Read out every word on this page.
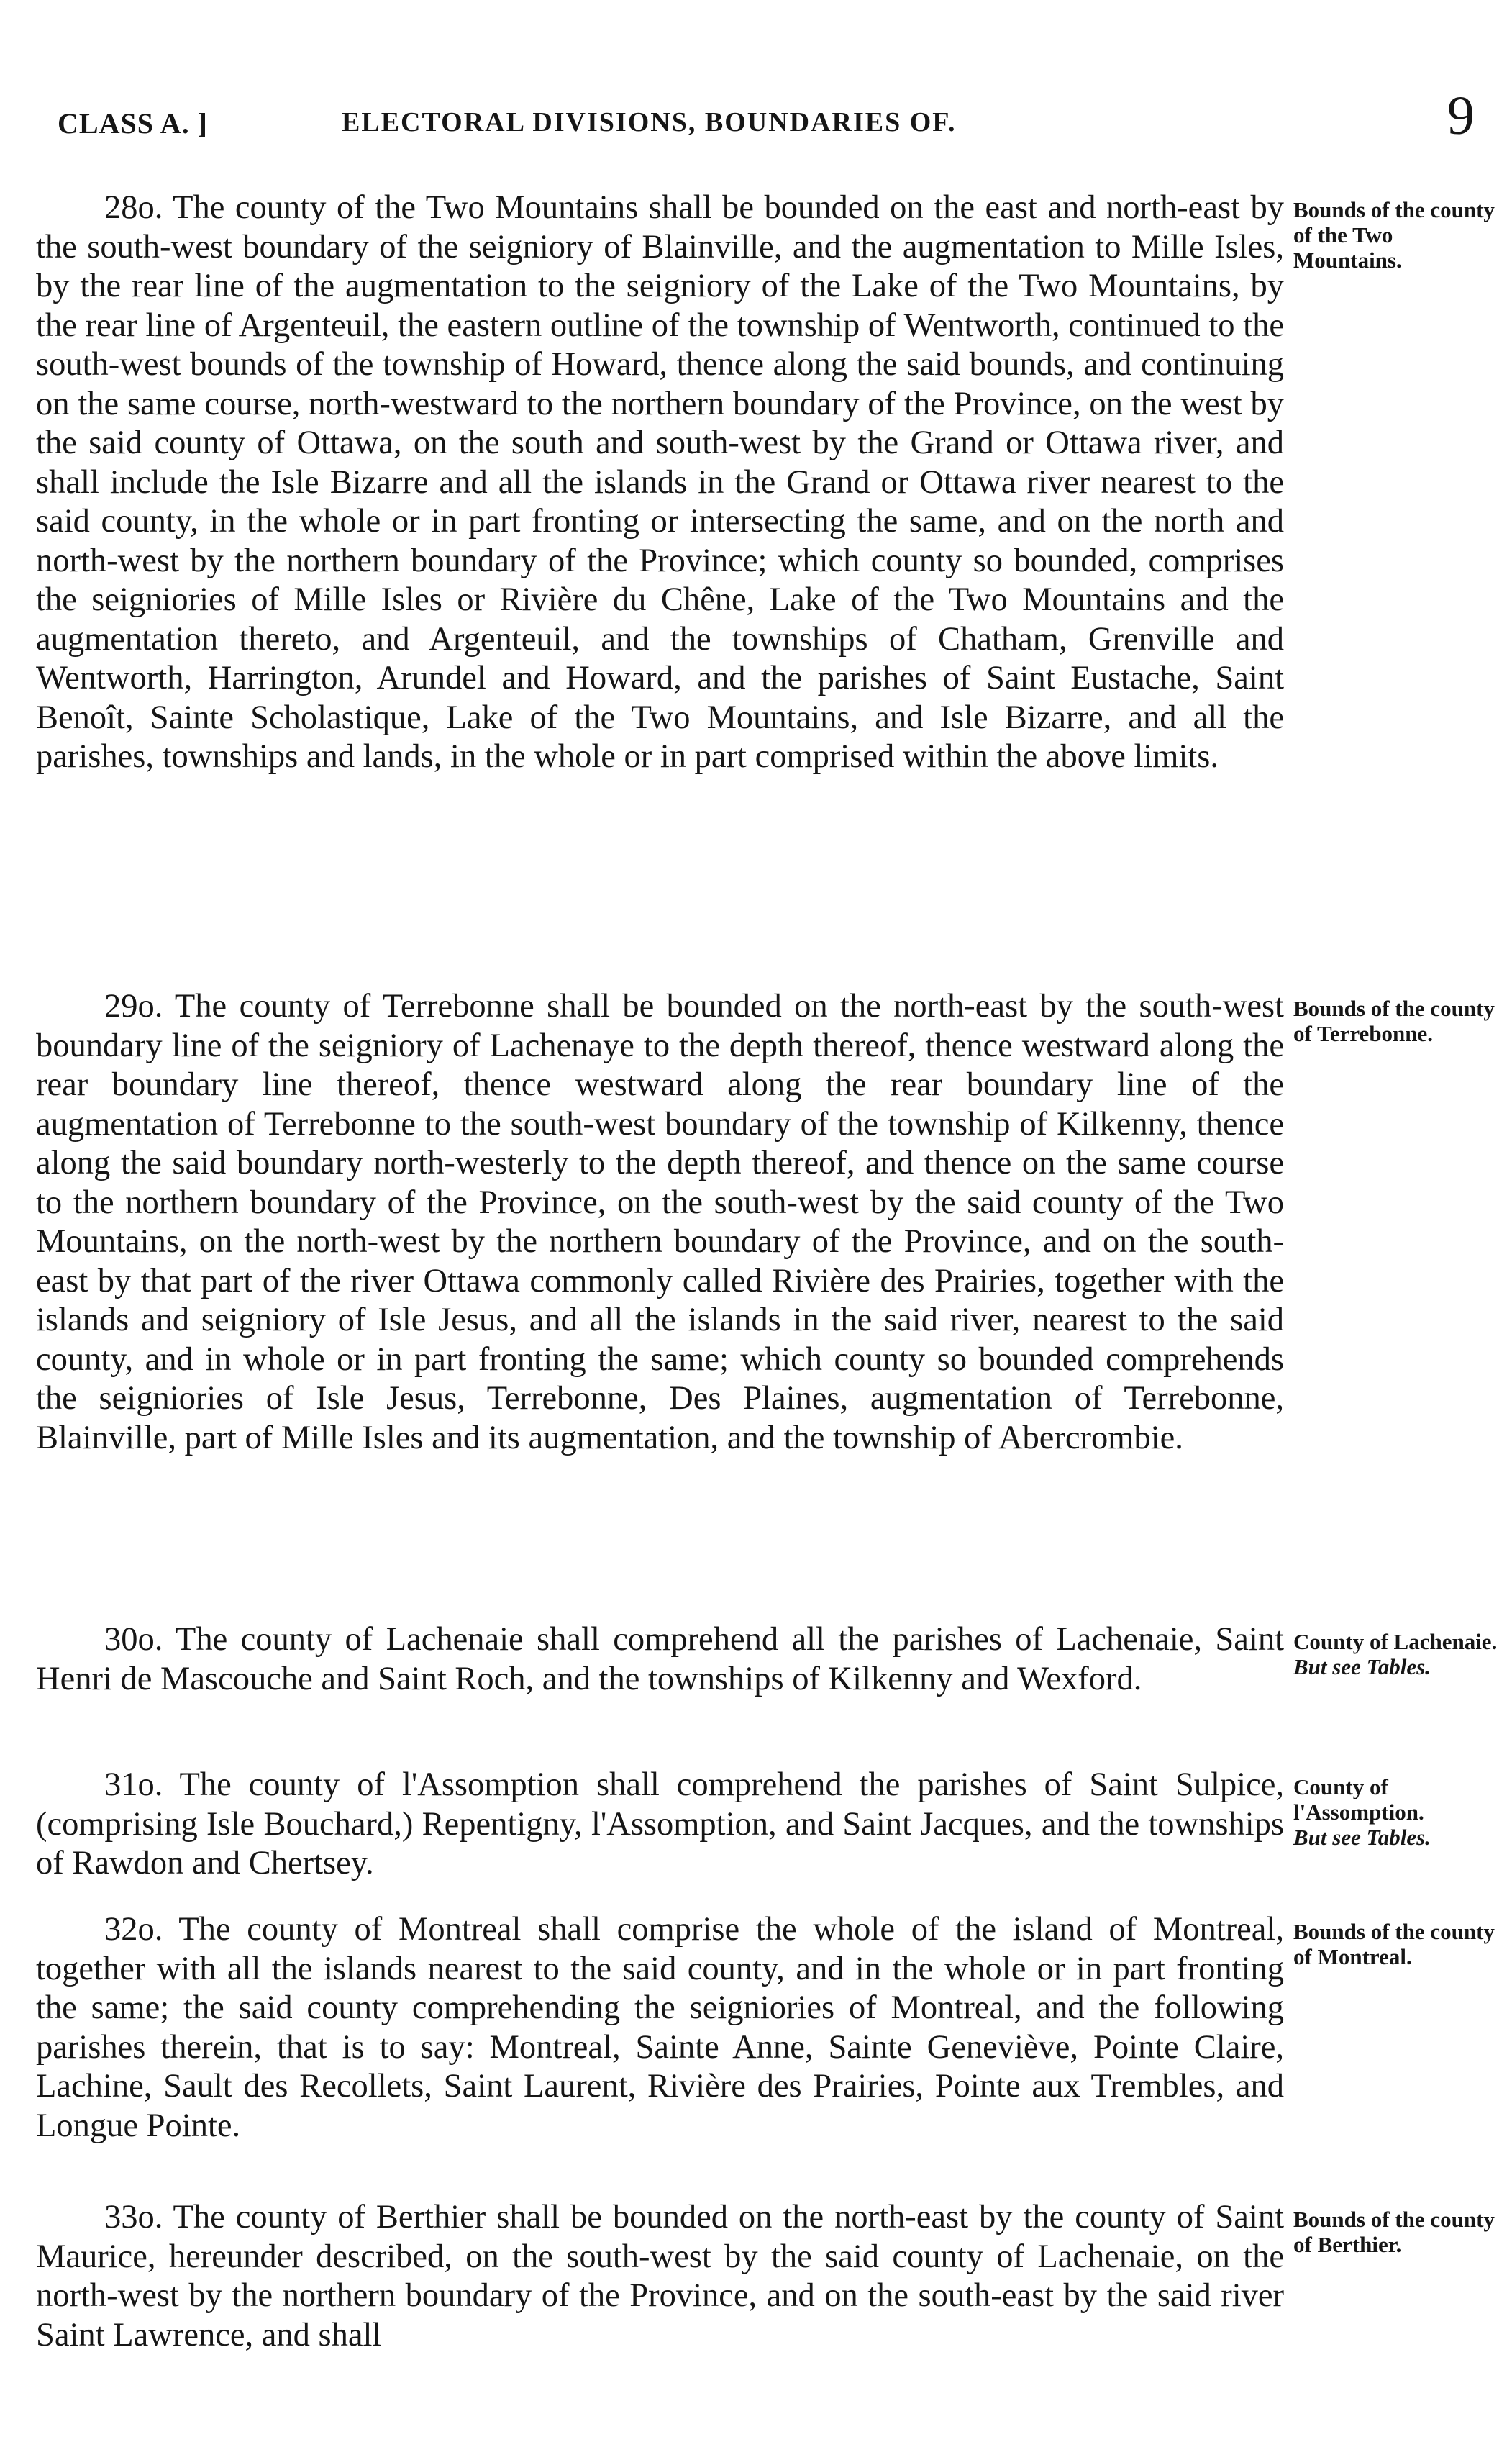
CLASS A. ]	ELECTORAL DIVISIONS, BOUNDARIES OF.	9

28o. The county of the Two Mountains shall be bounded on the east and north-east by the south-west boundary of the seigniory of Blainville, and the augmentation to Mille Isles, by the rear line of the augmentation to the seigniory of the Lake of the Two Mountains, by the rear line of Argenteuil, the eastern outline of the township of Wentworth, continued to the south-west bounds of the township of Howard, thence along the said bounds, and continuing on the same course, north-westward to the northern boundary of the Province, on the west by the said county of Ottawa, on the south and south-west by the Grand or Ottawa river, and shall include the Isle Bizarre and all the islands in the Grand or Ottawa river nearest to the said county, in the whole or in part fronting or intersecting the same, and on the north and north-west by the northern boundary of the Province; which county so bounded, comprises the seigniories of Mille Isles or Rivière du Chêne, Lake of the Two Mountains and the augmentation thereto, and Argenteuil, and the townships of Chatham, Grenville and Wentworth, Harrington, Arundel and Howard, and the parishes of Saint Eustache, Saint Benoît, Sainte Scholastique, Lake of the Two Mountains, and Isle Bizarre, and all the parishes, townships and lands, in the whole or in part comprised within the above limits.

Bounds of the county of the Two Mountains.

29o. The county of Terrebonne shall be bounded on the north-east by the south-west boundary line of the seigniory of Lachenaye to the depth thereof, thence westward along the rear boundary line thereof, thence westward along the rear boundary line of the augmentation of Terrebonne to the south-west boundary of the township of Kilkenny, thence along the said boundary north-westerly to the depth thereof, and thence on the same course to the northern boundary of the Province, on the south-west by the said county of the Two Mountains, on the north-west by the northern boundary of the Province, and on the south-east by that part of the river Ottawa commonly called Rivière des Prairies, together with the islands and seigniory of Isle Jesus, and all the islands in the said river, nearest to the said county, and in whole or in part fronting the same; which county so bounded comprehends the seigniories of Isle Jesus, Terrebonne, Des Plaines, augmentation of Terrebonne, Blainville, part of Mille Isles and its augmentation, and the township of Abercrombie.

Bounds of the county of Terrebonne.

30o. The county of Lachenaie shall comprehend all the parishes of Lachenaie, Saint Henri de Mascouche and Saint Roch, and the townships of Kilkenny and Wexford.

County of Lachenaie.
But see Tables.

31o. The county of l'Assomption shall comprehend the parishes of Saint Sulpice, (comprising Isle Bouchard,) Repentigny, l'Assomption, and Saint Jacques, and the townships of Rawdon and Chertsey.

County of l'Assomption.
But see Tables.

32o. The county of Montreal shall comprise the whole of the island of Montreal, together with all the islands nearest to the said county, and in the whole or in part fronting the same; the said county comprehending the seigniories of Montreal, and the following parishes therein, that is to say: Montreal, Sainte Anne, Sainte Geneviève, Pointe Claire, Lachine, Sault des Recollets, Saint Laurent, Rivière des Prairies, Pointe aux Trembles, and Longue Pointe.

Bounds of the county of Montreal.

33o. The county of Berthier shall be bounded on the north-east by the county of Saint Maurice, hereunder described, on the south-west by the said county of Lachenaie, on the north-west by the northern boundary of the Province, and on the south-east by the said river Saint Lawrence, and shall

Bounds of the county of Berthier.
